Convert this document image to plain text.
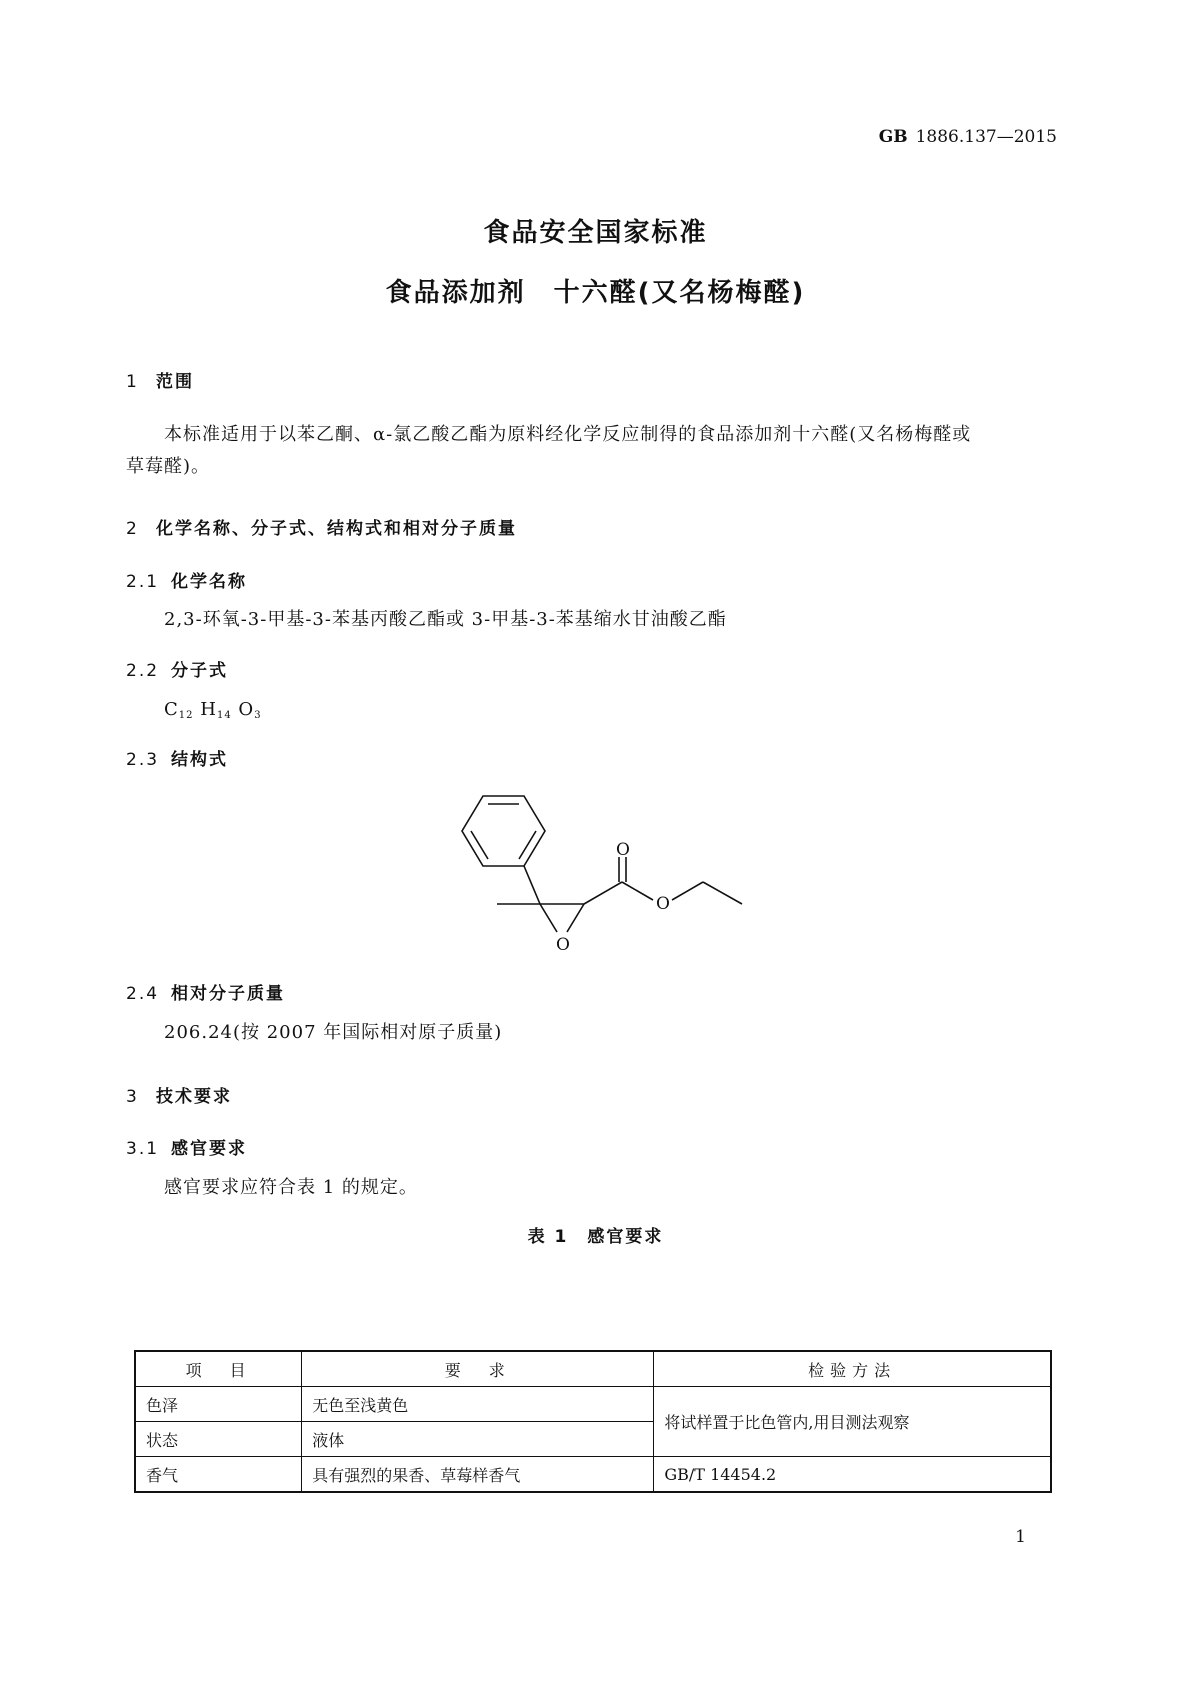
GB 1886.137—2015
食品安全国家标准
食品添加剂　十六醛(又名杨梅醛)
1 范围
本标准适用于以苯乙酮、α-氯乙酸乙酯为原料经化学反应制得的食品添加剂十六醛(又名杨梅醛或
草莓醛)。
2 化学名称、分子式、结构式和相对分子质量
2.1 化学名称
2,3-环氧-3-甲基-3-苯基丙酸乙酯或 3-甲基-3-苯基缩水甘油酸乙酯
2.2 分子式
$C_{12}$ $H_{14}$ $O_3$
2.3 结构式
O
O
O
2.4 相对分子质量
206.24(按 2007 年国际相对原子质量)
3 技术要求
3.1 感官要求
感官要求应符合表 1 的规定。
表 1　感官要求
项　目	要　求	检验方法
色泽	无色至浅黄色	将试样置于比色管内,用目测法观察
状态	液体	
香气	具有强烈的果香、草莓样香气	GB/T 14454.2
1
